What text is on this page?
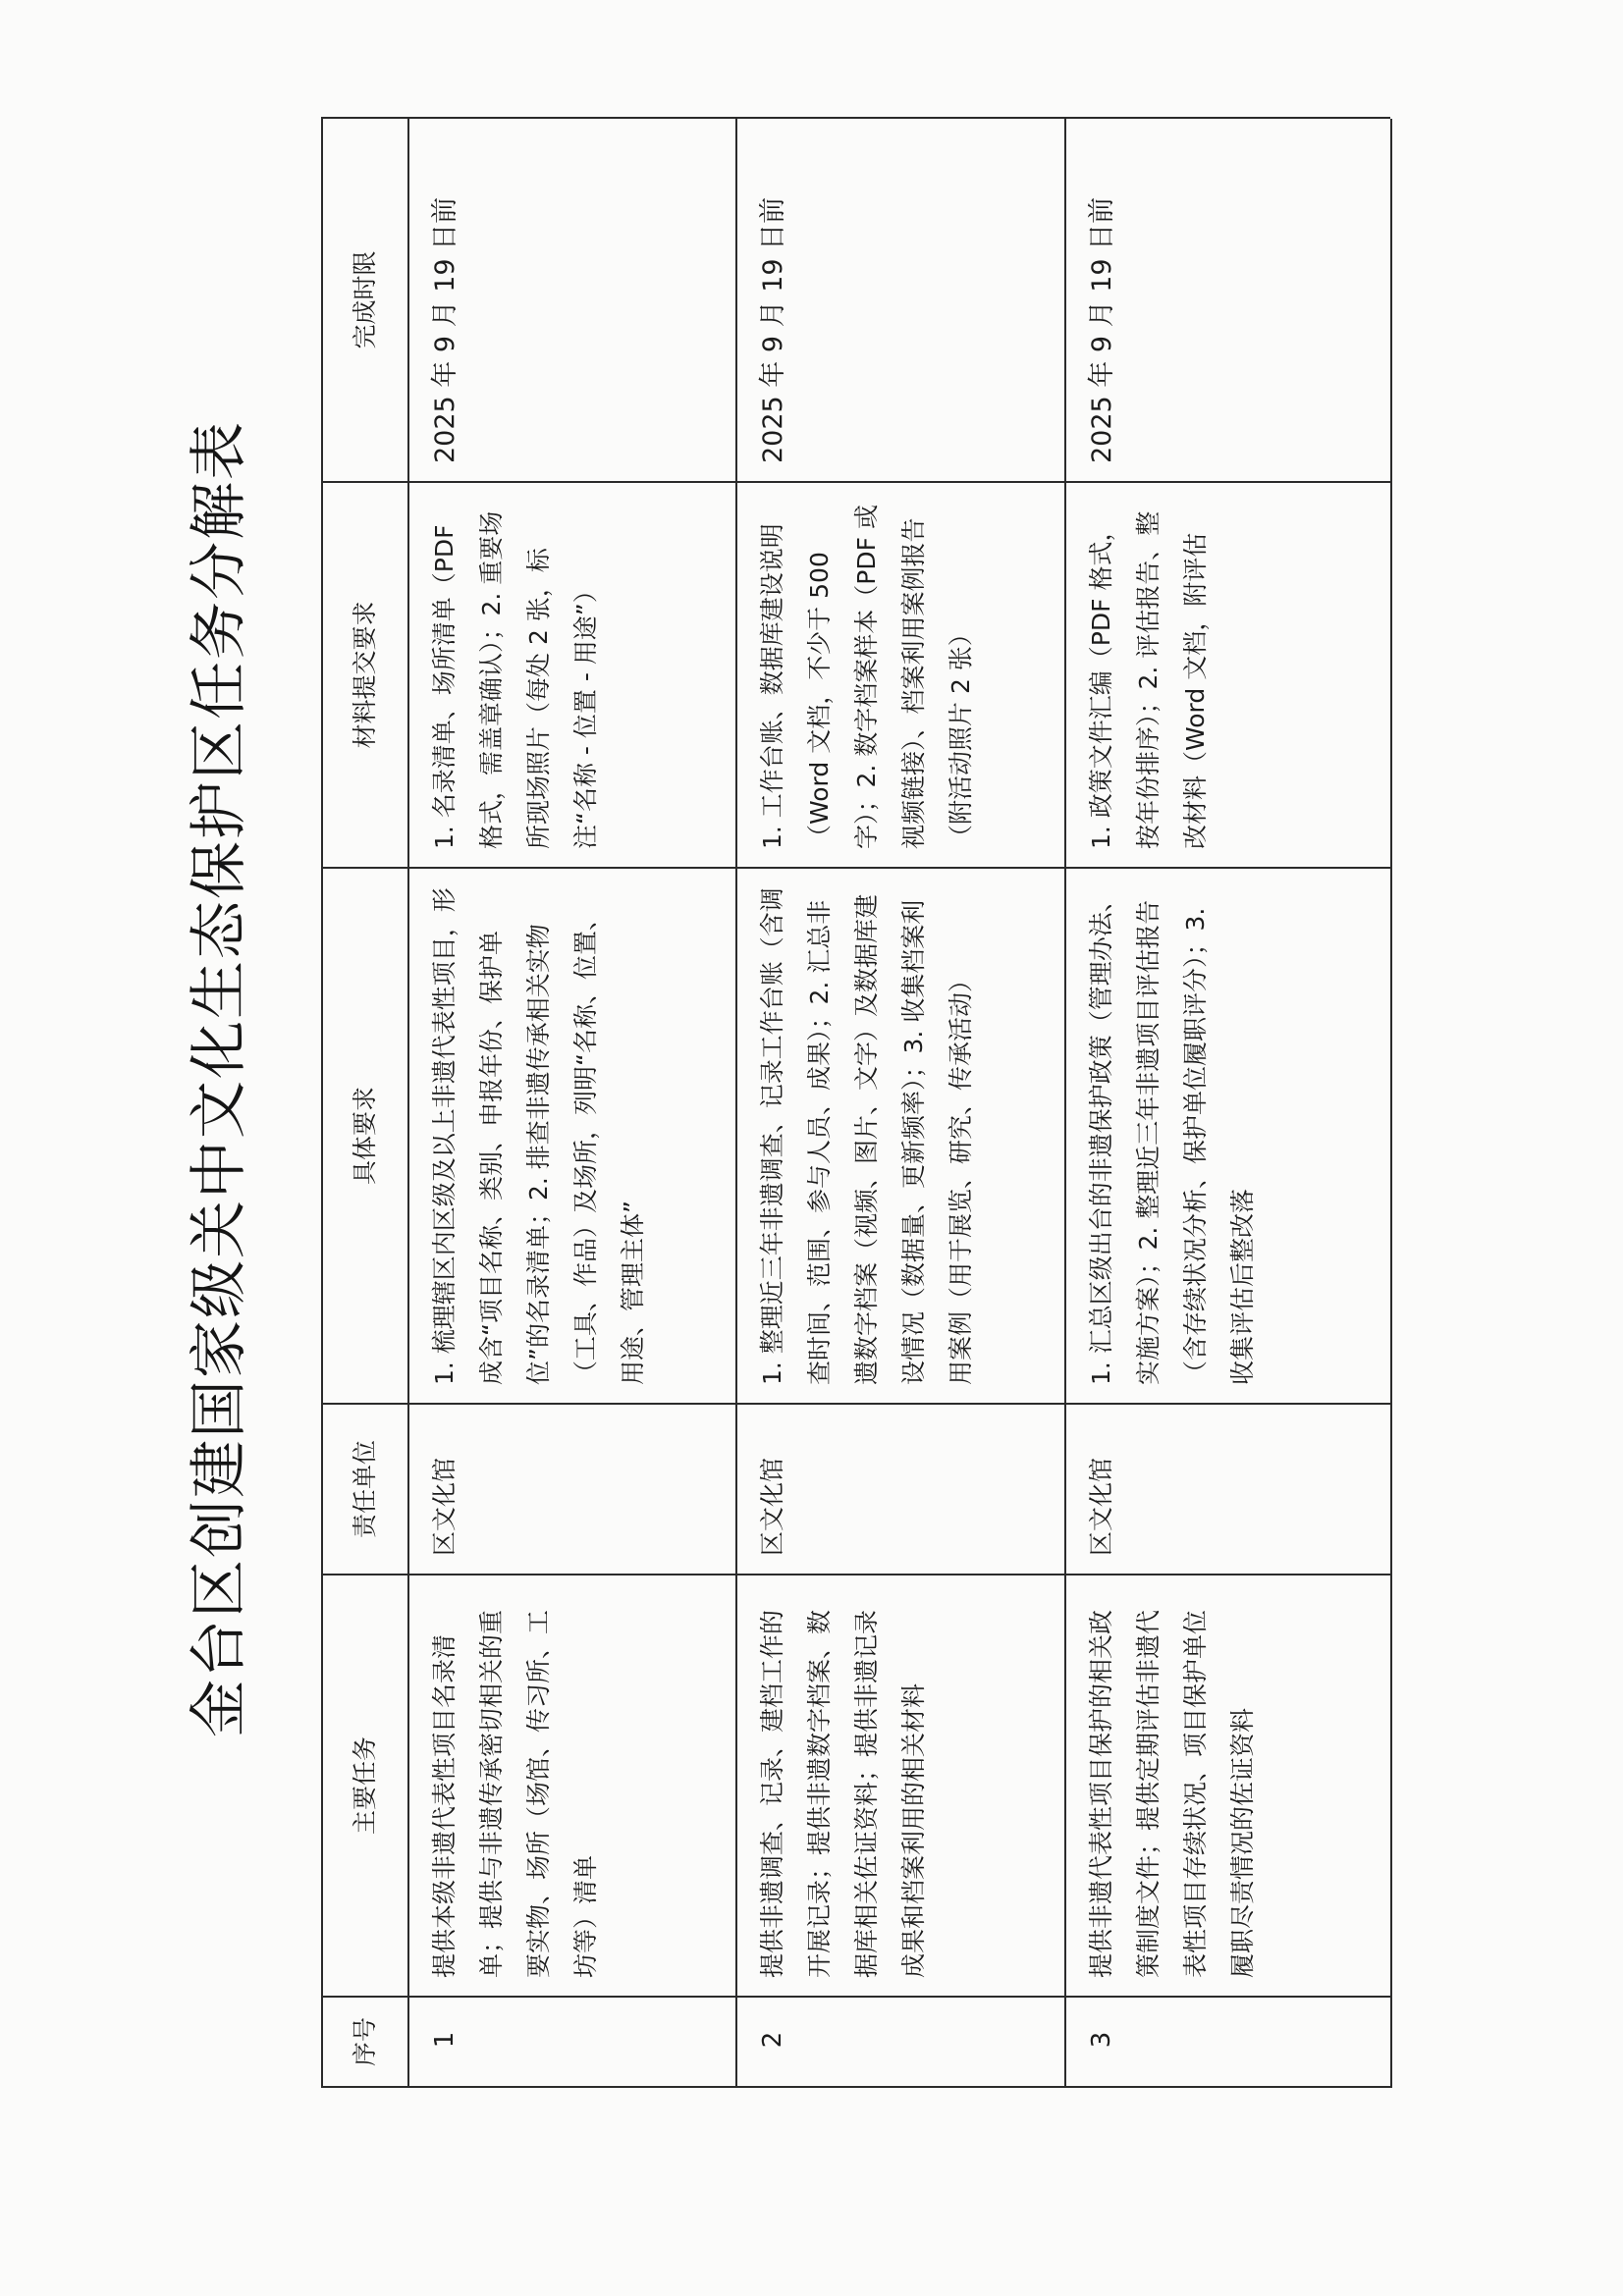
金台区创建国家级关中文化生态保护区任务分解表
序号	主要任务	责任单位	具体要求	材料提交要求	完成时限
1	提供本级非遗代表性项目名录清单；提供与非遗传承密切相关的重要实物、场所（场馆、传习所、工坊等）清单	区文化馆	1. 梳理辖区内区级及以上非遗代表性项目，形成含“项目名称、类别、申报年份、保护单位”的名录清单；2. 排查非遗传承相关实物（工具、作品）及场所，列明“名称、位置、用途、管理主体”	1. 名录清单、场所清单（PDF 格式，需盖章确认）；2. 重要场所现场照片（每处 2 张，标注“名称 - 位置 - 用途”）	2025 年 9 月 19 日前
2	提供非遗调查、记录、建档工作的开展记录；提供非遗数字档案、数据库相关佐证资料；提供非遗记录成果和档案利用的相关材料	区文化馆	1. 整理近三年非遗调查、记录工作台账（含调查时间、范围、参与人员、成果）；2. 汇总非遗数字档案（视频、图片、文字）及数据库建设情况（数据量、更新频率）；3. 收集档案利用案例（用于展览、研究、传承活动）	1. 工作台账、数据库建设说明（Word 文档，不少于 500 字）；2. 数字档案样本（PDF 或视频链接）、档案利用案例报告（附活动照片 2 张）	2025 年 9 月 19 日前
3	提供非遗代表性项目保护的相关政策制度文件；提供定期评估非遗代表性项目存续状况、项目保护单位履职尽责情况的佐证资料	区文化馆	1. 汇总区级出台的非遗保护政策（管理办法、实施方案）；2. 整理近三年非遗项目评估报告（含存续状况分析、保护单位履职评分）；3. 收集评估后整改落	1. 政策文件汇编（PDF 格式，按年份排序）；2. 评估报告、整改材料（Word 文档，附评估	2025 年 9 月 19 日前
